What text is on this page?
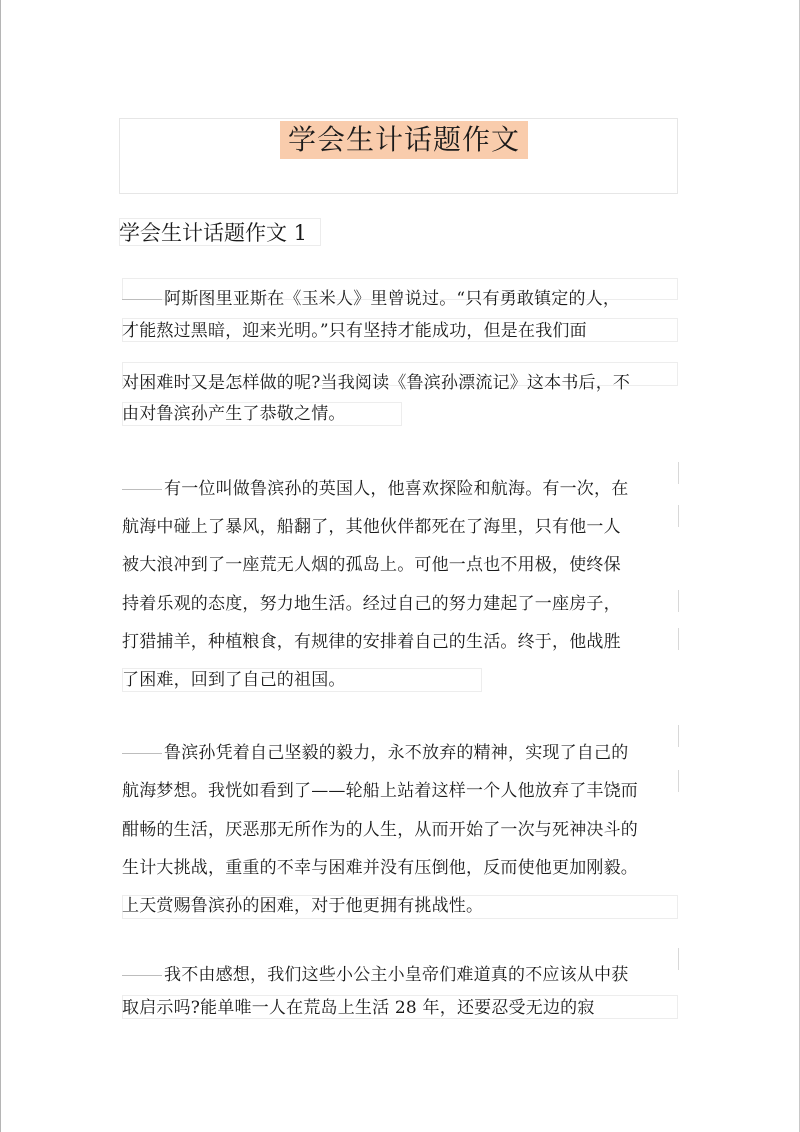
学会生计话题作文
学会生计话题作文 1
阿斯图里亚斯在《玉米人》里曾说过。“只有勇敢镇定的人，
才能熬过黑暗，迎来光明。”只有坚持才能成功，但是在我们面
对困难时又是怎样做的呢?当我阅读《鲁滨孙漂流记》这本书后，不
由对鲁滨孙产生了恭敬之情。
有一位叫做鲁滨孙的英国人，他喜欢探险和航海。有一次，在
航海中碰上了暴风，船翻了，其他伙伴都死在了海里，只有他一人
被大浪冲到了一座荒无人烟的孤岛上。可他一点也不用极，使终保
持着乐观的态度，努力地生活。经过自己的努力建起了一座房子，
打猎捕羊，种植粮食，有规律的安排着自己的生活。终于，他战胜
了困难，回到了自己的祖国。
鲁滨孙凭着自己坚毅的毅力，永不放弃的精神，实现了自己的
航海梦想。我恍如看到了——轮船上站着这样一个人他放弃了丰饶而
酣畅的生活，厌恶那无所作为的人生，从而开始了一次与死神决斗的
生计大挑战，重重的不幸与困难并没有压倒他，反而使他更加刚毅。
上天赏赐鲁滨孙的困难，对于他更拥有挑战性。
我不由感想，我们这些小公主小皇帝们难道真的不应该从中获
取启示吗?能单唯一人在荒岛上生活 28 年，还要忍受无边的寂
